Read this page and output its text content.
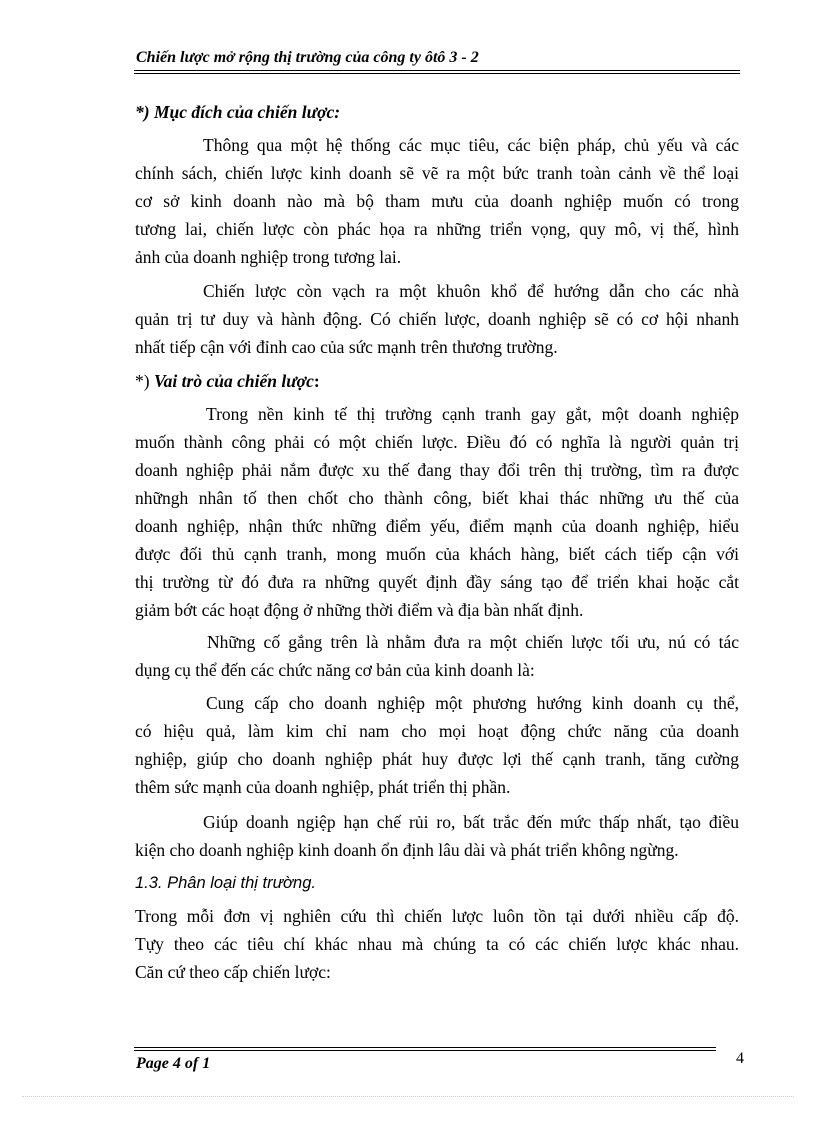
Chiến lược mở rộng thị trường của công ty ôtô 3 - 2
*) Mục đích của chiến lược:
Thông qua một hệ thống các mục tiêu, các biện pháp, chủ yếu và các
chính sách, chiến lược kinh doanh sẽ vẽ ra một bức tranh toàn cảnh về thể loại
cơ sở kinh doanh nào mà bộ tham mưu của doanh nghiệp muốn có trong
tương lai, chiến lược còn phác họa ra những triển vọng, quy mô, vị thế, hình
ảnh của doanh nghiệp trong tương lai.
Chiến lược còn vạch ra một khuôn khổ để hướng dẫn cho các nhà
quản trị tư duy và hành động. Có chiến lược, doanh nghiệp sẽ có cơ hội nhanh
nhất tiếp cận với đỉnh cao của sức mạnh trên thương trường.
*) Vai trò của chiến lược:
Trong nền kinh tế thị trường cạnh tranh gay gắt, một doanh nghiệp
muốn thành công phải có một chiến lược. Điều đó có nghĩa là người quản trị
doanh nghiệp phải nắm được xu thế đang thay đổi trên thị trường, tìm ra được
nhữngh nhân tố then chốt cho thành công, biết khai thác những ưu thế của
doanh nghiệp, nhận thức những điểm yếu, điểm mạnh của doanh nghiệp, hiểu
được đối thủ cạnh tranh, mong muốn của khách hàng, biết cách tiếp cận với
thị trường từ đó đưa ra những quyết định đầy sáng tạo để triển khai hoặc cắt
giảm bớt các hoạt động ở những thời điểm và địa bàn nhất định.
Những cố gắng trên là nhằm đưa ra một chiến lược tối ưu, nú có tác
dụng cụ thể đến các chức năng cơ bản của kinh doanh là:
Cung cấp cho doanh nghiệp một phương hướng kinh doanh cụ thể,
có hiệu quả, làm kim chỉ nam cho mọi hoạt động chức năng của doanh
nghiệp, giúp cho doanh nghiệp phát huy được lợi thế cạnh tranh, tăng cường
thêm sức mạnh của doanh nghiệp, phát triển thị phần.
Giúp doanh ngiệp hạn chế rủi ro, bất trắc đến mức thấp nhất, tạo điều
kiện cho doanh nghiệp kinh doanh ổn định lâu dài và phát triển không ngừng.
1.3. Phân loại thị trường.
Trong mỗi đơn vị nghiên cứu thì chiến lược luôn tồn tại dưới nhiều cấp độ.
Tựy theo các tiêu chí khác nhau mà chúng ta có các chiến lược khác nhau.
Căn cứ theo cấp chiến lược:
Page 4 of 1	4
